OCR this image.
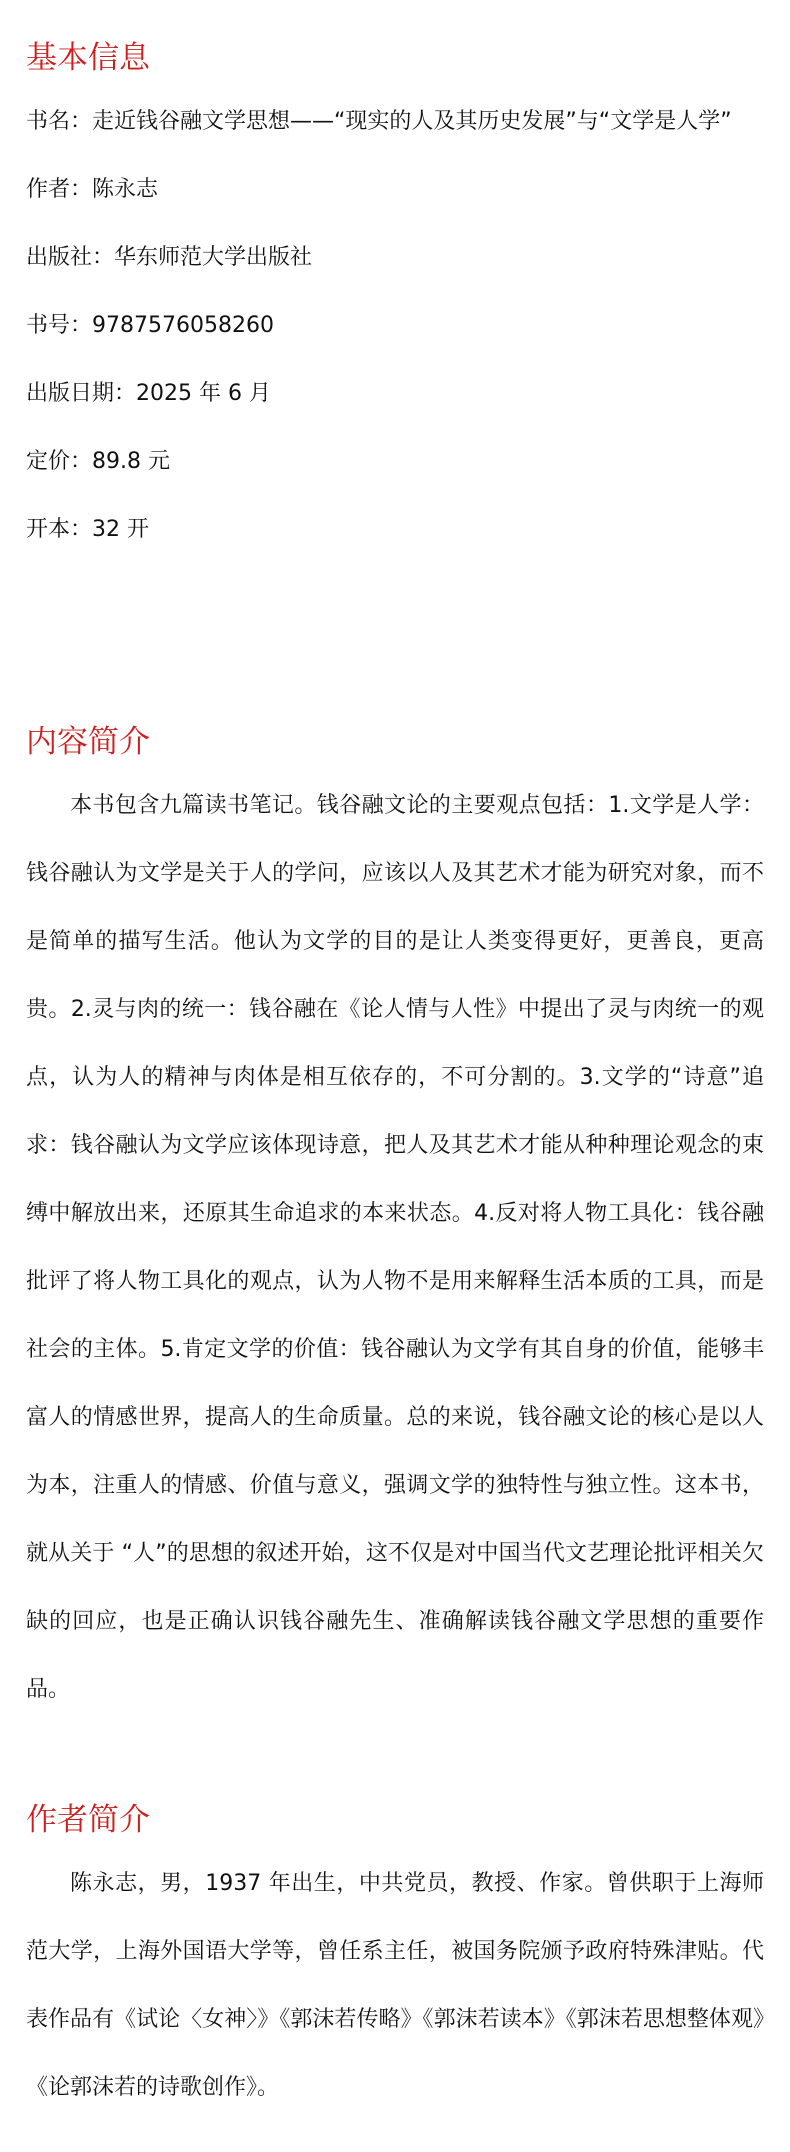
基本信息

书名：走近钱谷融文学思想——“现实的人及其历史发展”与“文学是人学”

作者：陈永志

出版社：华东师范大学出版社

书号：9787576058260

出版日期：2025 年 6 月

定价：89.8 元

开本：32 开

内容简介

本书包含九篇读书笔记。钱谷融文论的主要观点包括：1.文学是人学：钱谷融认为文学是关于人的学问，应该以人及其艺术才能为研究对象，而不是简单的描写生活。他认为文学的目的是让人类变得更好，更善良，更高贵。2.灵与肉的统一：钱谷融在《论人情与人性》中提出了灵与肉统一的观点，认为人的精神与肉体是相互依存的，不可分割的。3.文学的“诗意”追求：钱谷融认为文学应该体现诗意，把人及其艺术才能从种种理论观念的束缚中解放出来，还原其生命追求的本来状态。4.反对将人物工具化：钱谷融批评了将人物工具化的观点，认为人物不是用来解释生活本质的工具，而是社会的主体。5.肯定文学的价值：钱谷融认为文学有其自身的价值，能够丰富人的情感世界，提高人的生命质量。总的来说，钱谷融文论的核心是以人为本，注重人的情感、价值与意义，强调文学的独特性与独立性。这本书，就从关于 “人”的思想的叙述开始，这不仅是对中国当代文艺理论批评相关欠缺的回应，也是正确认识钱谷融先生、准确解读钱谷融文学思想的重要作品。

作者简介

陈永志，男，1937 年出生，中共党员，教授、作家。曾供职于上海师范大学，上海外国语大学等，曾任系主任，被国务院颁予政府特殊津贴。代表作品有《试论〈女神〉》《郭沫若传略》《郭沫若读本》《郭沫若思想整体观》《论郭沫若的诗歌创作》。
